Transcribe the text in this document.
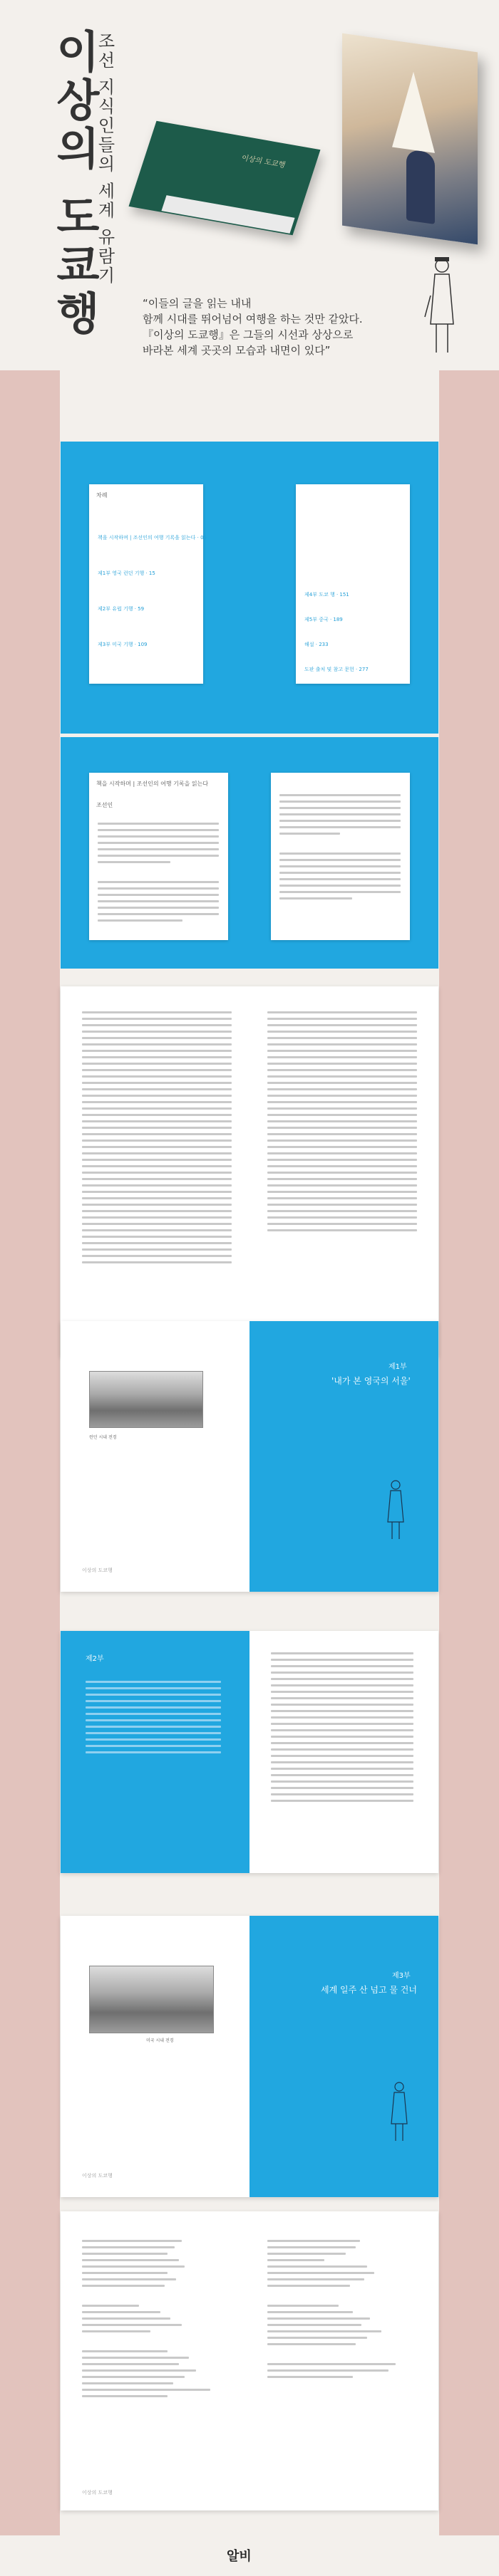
이상의 도쿄행
조선 지식인들의 세계 유람기	이상의 도쿄행
“이들의 글을 읽는 내내
함께 시대를 뛰어넘어 여행을 하는 것만 같았다.
『이상의 도쿄행』은 그들의 시선과 상상으로
바라본 세계 곳곳의 모습과 내면이 있다”
차례
책을 시작하며 | 조선인의 여행 기록을 읽는다 · 05
제1부 영국 런던 기행 · 15
제2부 유럽 기행 · 59
제3부 미국 기행 · 109
제4부 도쿄 행 · 151
제5부 중국 · 189
해설 · 233
도판 출처 및 참고 문헌 · 277
책을 시작하며 | 조선인의 여행 기록을 읽는다
조선인

런던 시내 전경
이상의 도쿄행
제1부
'내가 본 영국의 서울'
제2부
미국 시내 전경
이상의 도쿄행
제3부
세계 일주 산 넘고 물 건너

이상의 도쿄행

알비
